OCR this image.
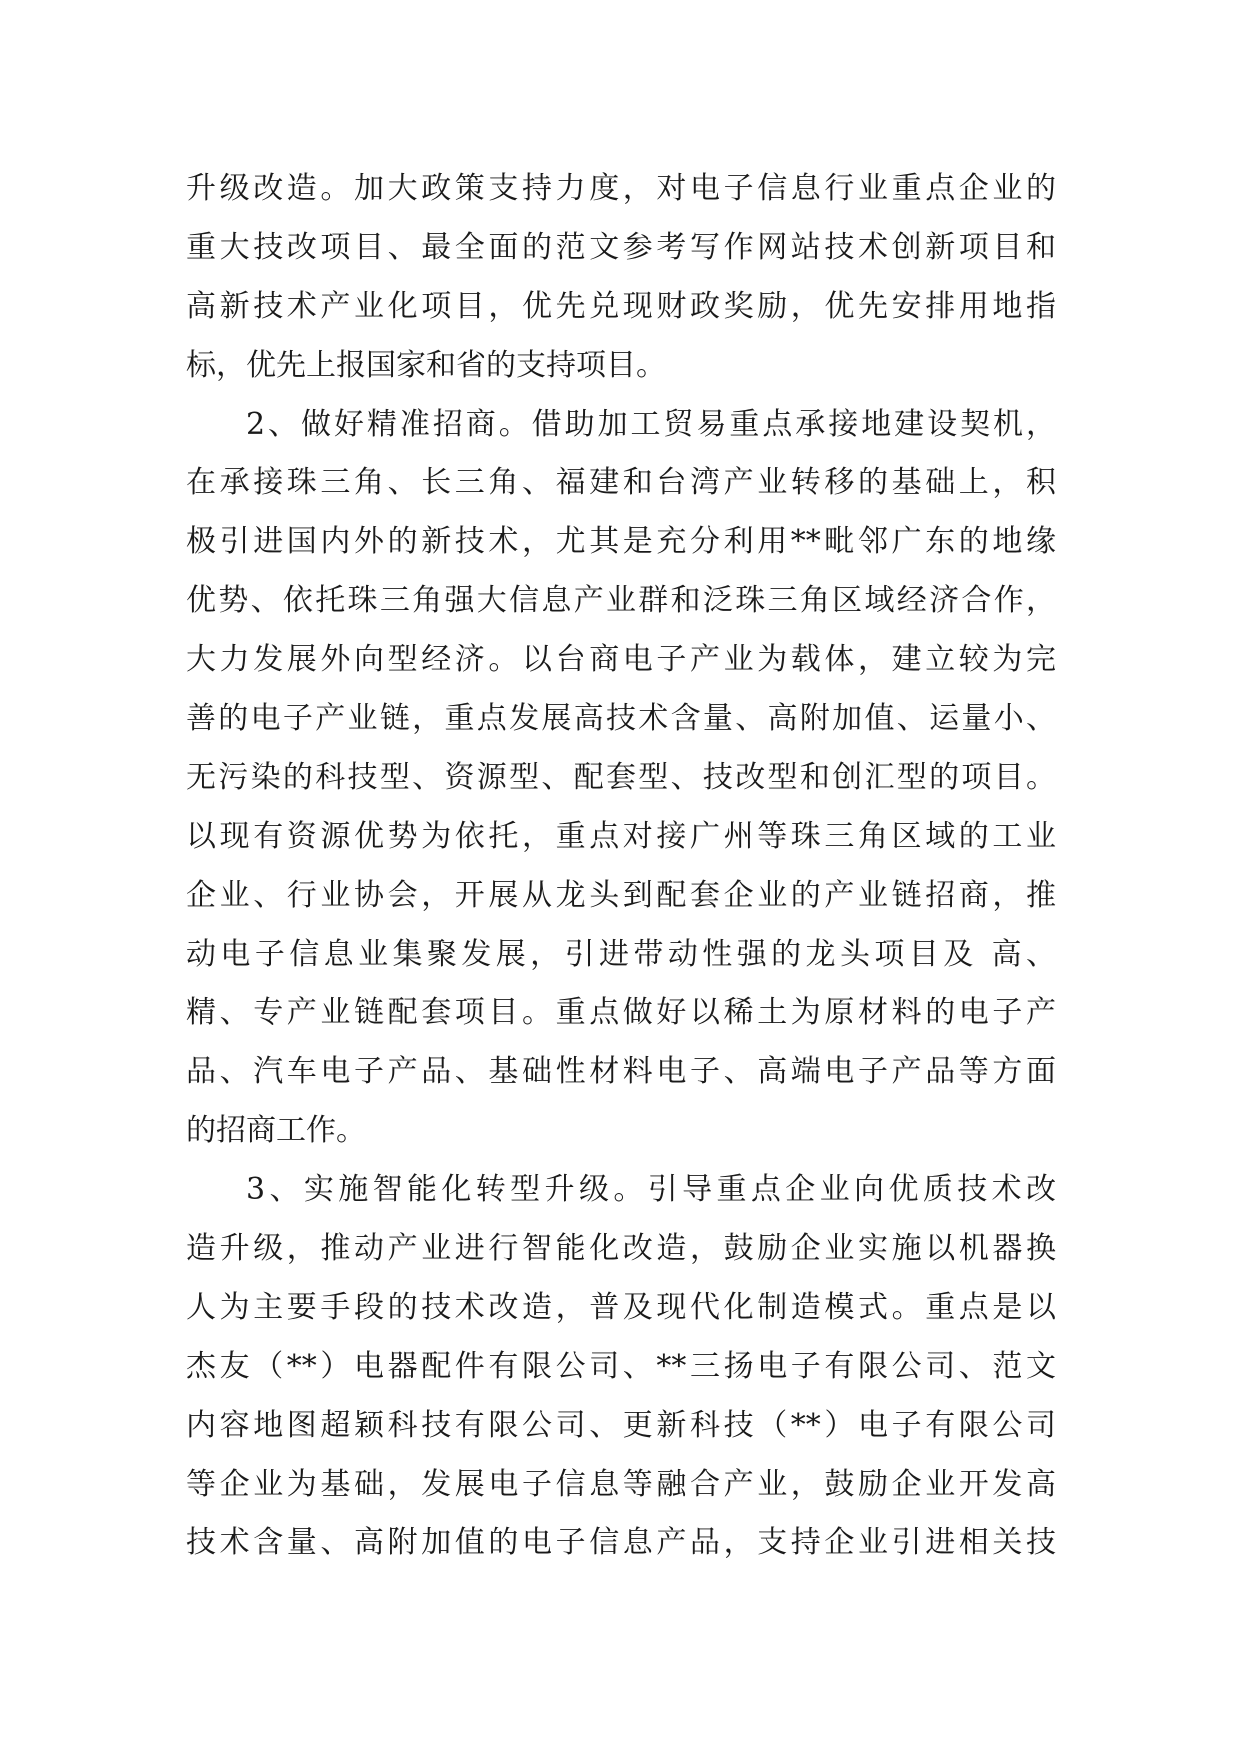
升级改造。加大政策支持力度，对电子信息行业重点企业的
重大技改项目、最全面的范文参考写作网站技术创新项目和
高新技术产业化项目，优先兑现财政奖励，优先安排用地指
标，优先上报国家和省的支持项目。
2、做好精准招商。借助加工贸易重点承接地建设契机，
在承接珠三角、长三角、福建和台湾产业转移的基础上，积
极引进国内外的新技术，尤其是充分利用**毗邻广东的地缘
优势、依托珠三角强大信息产业群和泛珠三角区域经济合作，
大力发展外向型经济。以台商电子产业为载体，建立较为完
善的电子产业链，重点发展高技术含量、高附加值、运量小、
无污染的科技型、资源型、配套型、技改型和创汇型的项目。
以现有资源优势为依托，重点对接广州等珠三角区域的工业
企业、行业协会，开展从龙头到配套企业的产业链招商，推
动电子信息业集聚发展，引进带动性强的龙头项目及 高、
精、专产业链配套项目。重点做好以稀土为原材料的电子产
品、汽车电子产品、基础性材料电子、高端电子产品等方面
的招商工作。
3、实施智能化转型升级。引导重点企业向优质技术改
造升级，推动产业进行智能化改造，鼓励企业实施以机器换
人为主要手段的技术改造，普及现代化制造模式。重点是以
杰友（**）电器配件有限公司、**三扬电子有限公司、范文
内容地图超颖科技有限公司、更新科技（**）电子有限公司
等企业为基础，发展电子信息等融合产业，鼓励企业开发高
技术含量、高附加值的电子信息产品，支持企业引进相关技
